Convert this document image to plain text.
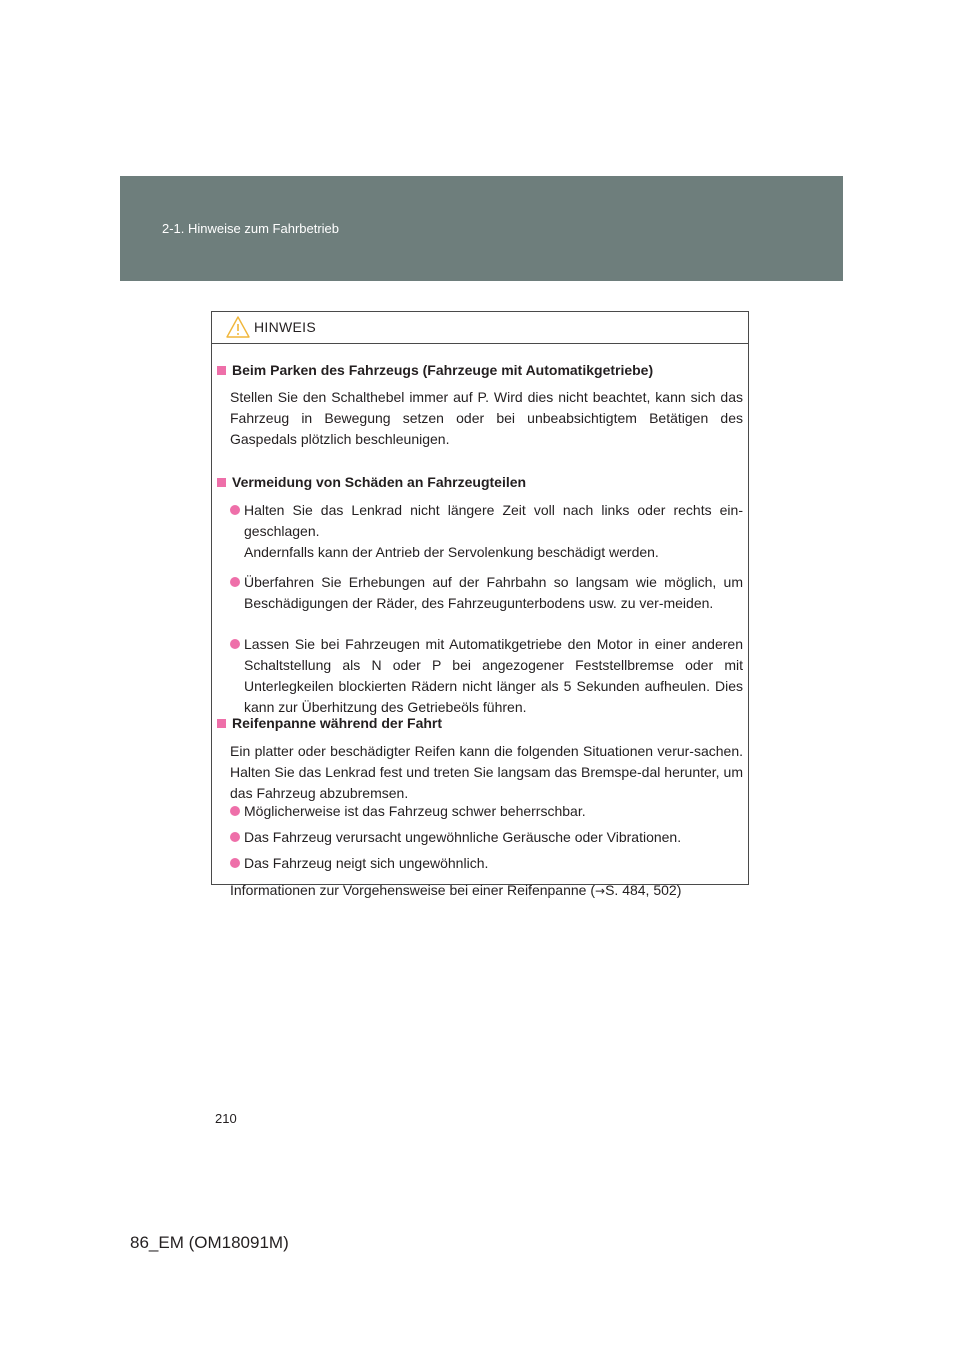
2-1. Hinweise zum Fahrbetrieb
HINWEIS
Beim Parken des Fahrzeugs (Fahrzeuge mit Automatikgetriebe)
Stellen Sie den Schalthebel immer auf P. Wird dies nicht beachtet, kann sich das Fahrzeug in Bewegung setzen oder bei unbeabsichtigtem Betätigen des Gaspedals plötzlich beschleunigen.
Vermeidung von Schäden an Fahrzeugteilen
Halten Sie das Lenkrad nicht längere Zeit voll nach links oder rechts ein-geschlagen.
Andernfalls kann der Antrieb der Servolenkung beschädigt werden.
Überfahren Sie Erhebungen auf der Fahrbahn so langsam wie möglich, um Beschädigungen der Räder, des Fahrzeugunterbodens usw. zu ver-meiden.
Lassen Sie bei Fahrzeugen mit Automatikgetriebe den Motor in einer anderen Schaltstellung als N oder P bei angezogener Feststellbremse oder mit Unterlegkeilen blockierten Rädern nicht länger als 5 Sekunden aufheulen. Dies kann zur Überhitzung des Getriebeöls führen.
Reifenpanne während der Fahrt
Ein platter oder beschädigter Reifen kann die folgenden Situationen verur-sachen. Halten Sie das Lenkrad fest und treten Sie langsam das Bremspe-dal herunter, um das Fahrzeug abzubremsen.
Möglicherweise ist das Fahrzeug schwer beherrschbar.
Das Fahrzeug verursacht ungewöhnliche Geräusche oder Vibrationen.
Das Fahrzeug neigt sich ungewöhnlich.
Informationen zur Vorgehensweise bei einer Reifenpanne (→S. 484, 502)
210
86_EM (OM18091M)
